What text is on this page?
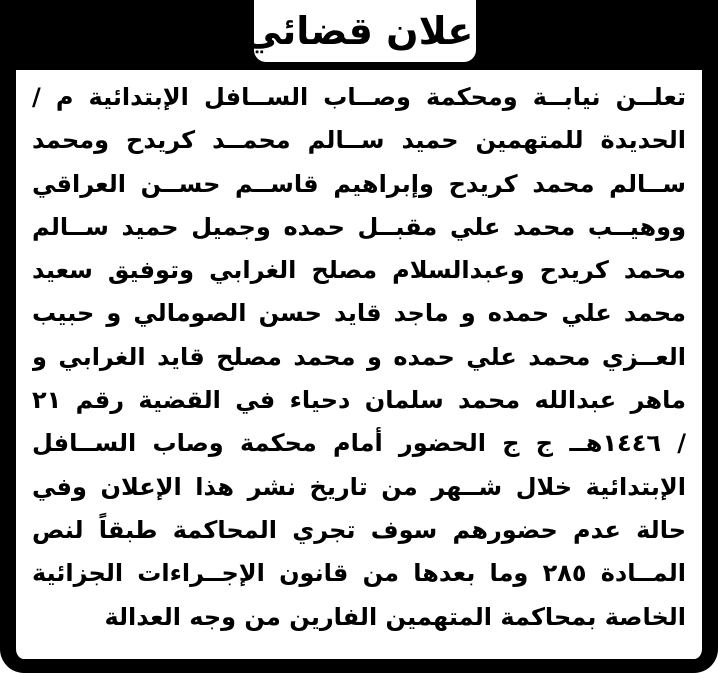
إعلان قضائي
تعلــن نيابــة ومحكمة وصــاب الســافل الإبتدائية م /
الحديدة للمتهمين حميد ســالم محمــد كريدح ومحمد
ســالم محمد كريدح وإبراهيم قاســم حســن العراقي
ووهيــب محمد علي مقبــل حمده وجميل حميد ســالم
محمد كريدح وعبدالسلام مصلح الغرابي وتوفيق سعيد
محمد علي حمده و ماجد قايد حسن الصومالي و حبيب
العــزي محمد علي حمده و محمد مصلح قايد الغرابي و
ماهر عبدالله محمد سلمان دحياء في القضية رقم ٢١
/ ١٤٤٦هــ ج ج الحضور أمام محكمة وصاب الســافل
الإبتدائية خلال شــهر من تاريخ نشر هذا الإعلان وفي
حالة عدم حضورهم سوف تجري المحاكمة طبقاً لنص
المــادة ٢٨٥ وما بعدها من قانون الإجــراءات الجزائية
الخاصة بمحاكمة المتهمين الفارين من وجه العدالة
